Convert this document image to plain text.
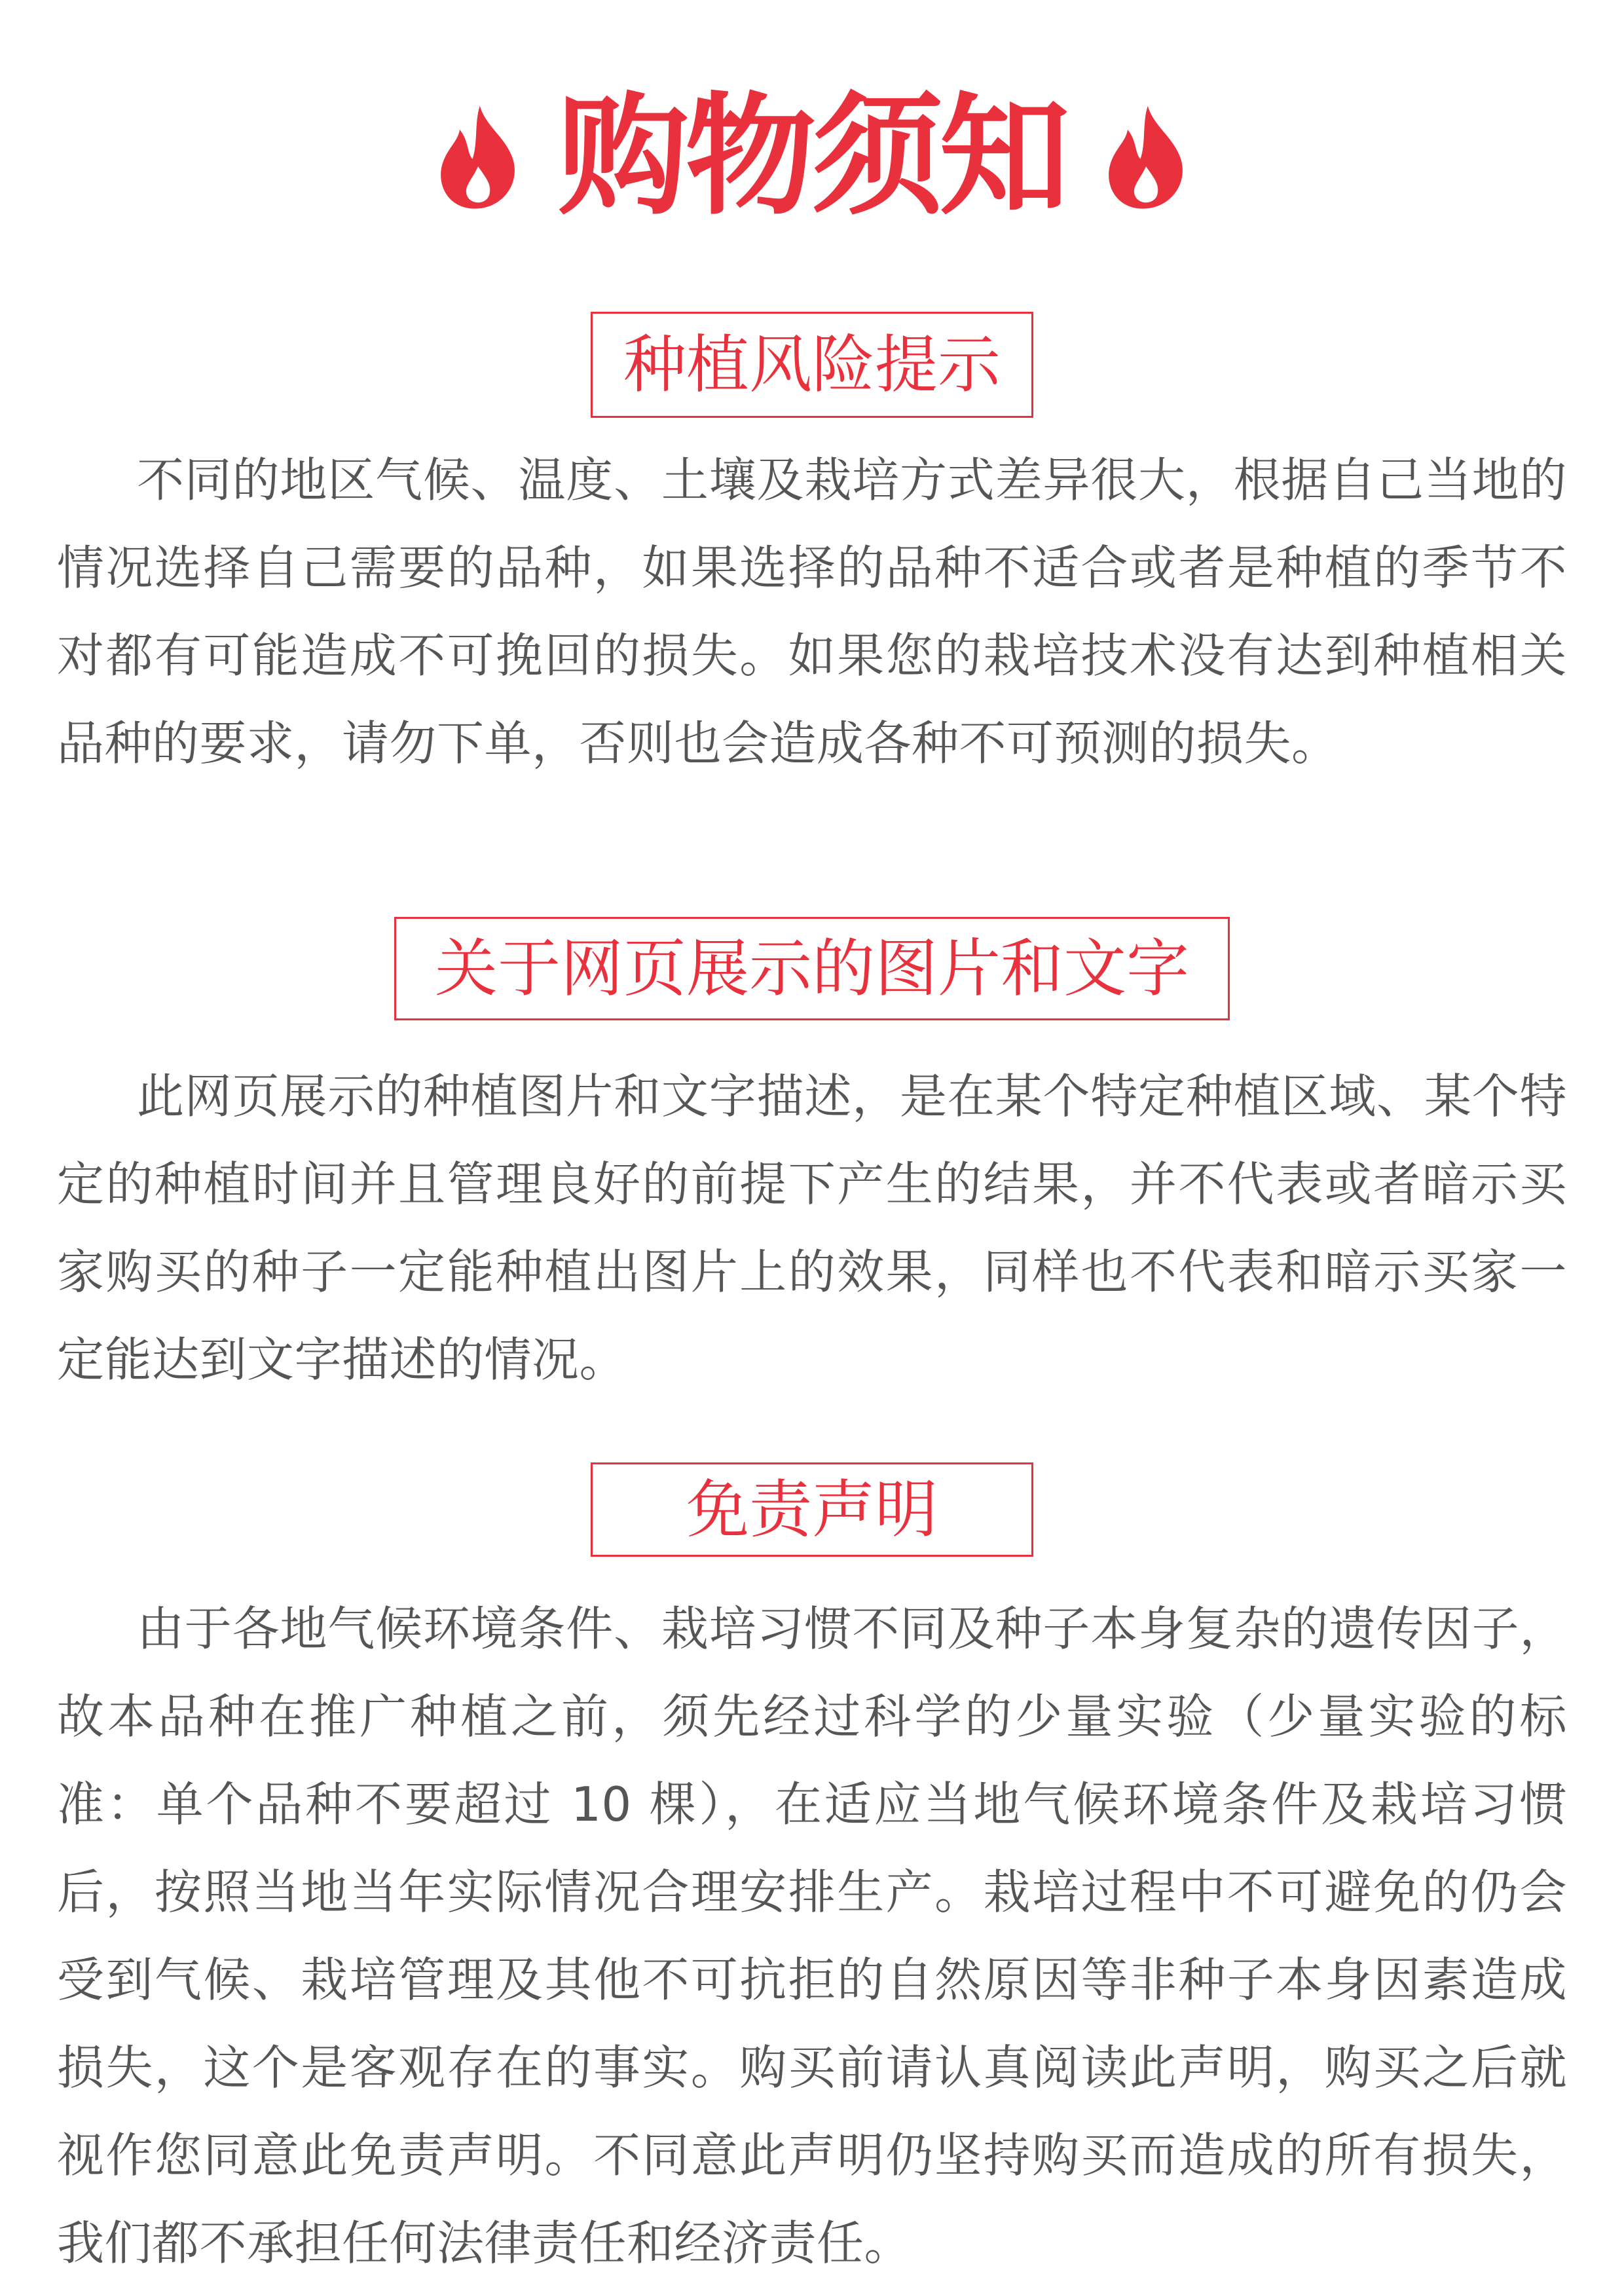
购物须知
种植风险提示

不同的地区气候、温度、土壤及栽培方式差异很大，根据自己当地的情况选择自己需要的品种，如果选择的品种不适合或者是种植的季节不对都有可能造成不可挽回的损失。如果您的栽培技术没有达到种植相关品种的要求，请勿下单，否则也会造成各种不可预测的损失。

关于网页展示的图片和文字

此网页展示的种植图片和文字描述，是在某个特定种植区域、某个特定的种植时间并且管理良好的前提下产生的结果，并不代表或者暗示买家购买的种子一定能种植出图片上的效果，同样也不代表和暗示买家一定能达到文字描述的情况。

免责声明

由于各地气候环境条件、栽培习惯不同及种子本身复杂的遗传因子，故本品种在推广种植之前，须先经过科学的少量实验（少量实验的标准：单个品种不要超过 10 棵），在适应当地气候环境条件及栽培习惯后，按照当地当年实际情况合理安排生产。栽培过程中不可避免的仍会受到气候、栽培管理及其他不可抗拒的自然原因等非种子本身因素造成损失，这个是客观存在的事实。购买前请认真阅读此声明，购买之后就视作您同意此免责声明。不同意此声明仍坚持购买而造成的所有损失，我们都不承担任何法律责任和经济责任。
